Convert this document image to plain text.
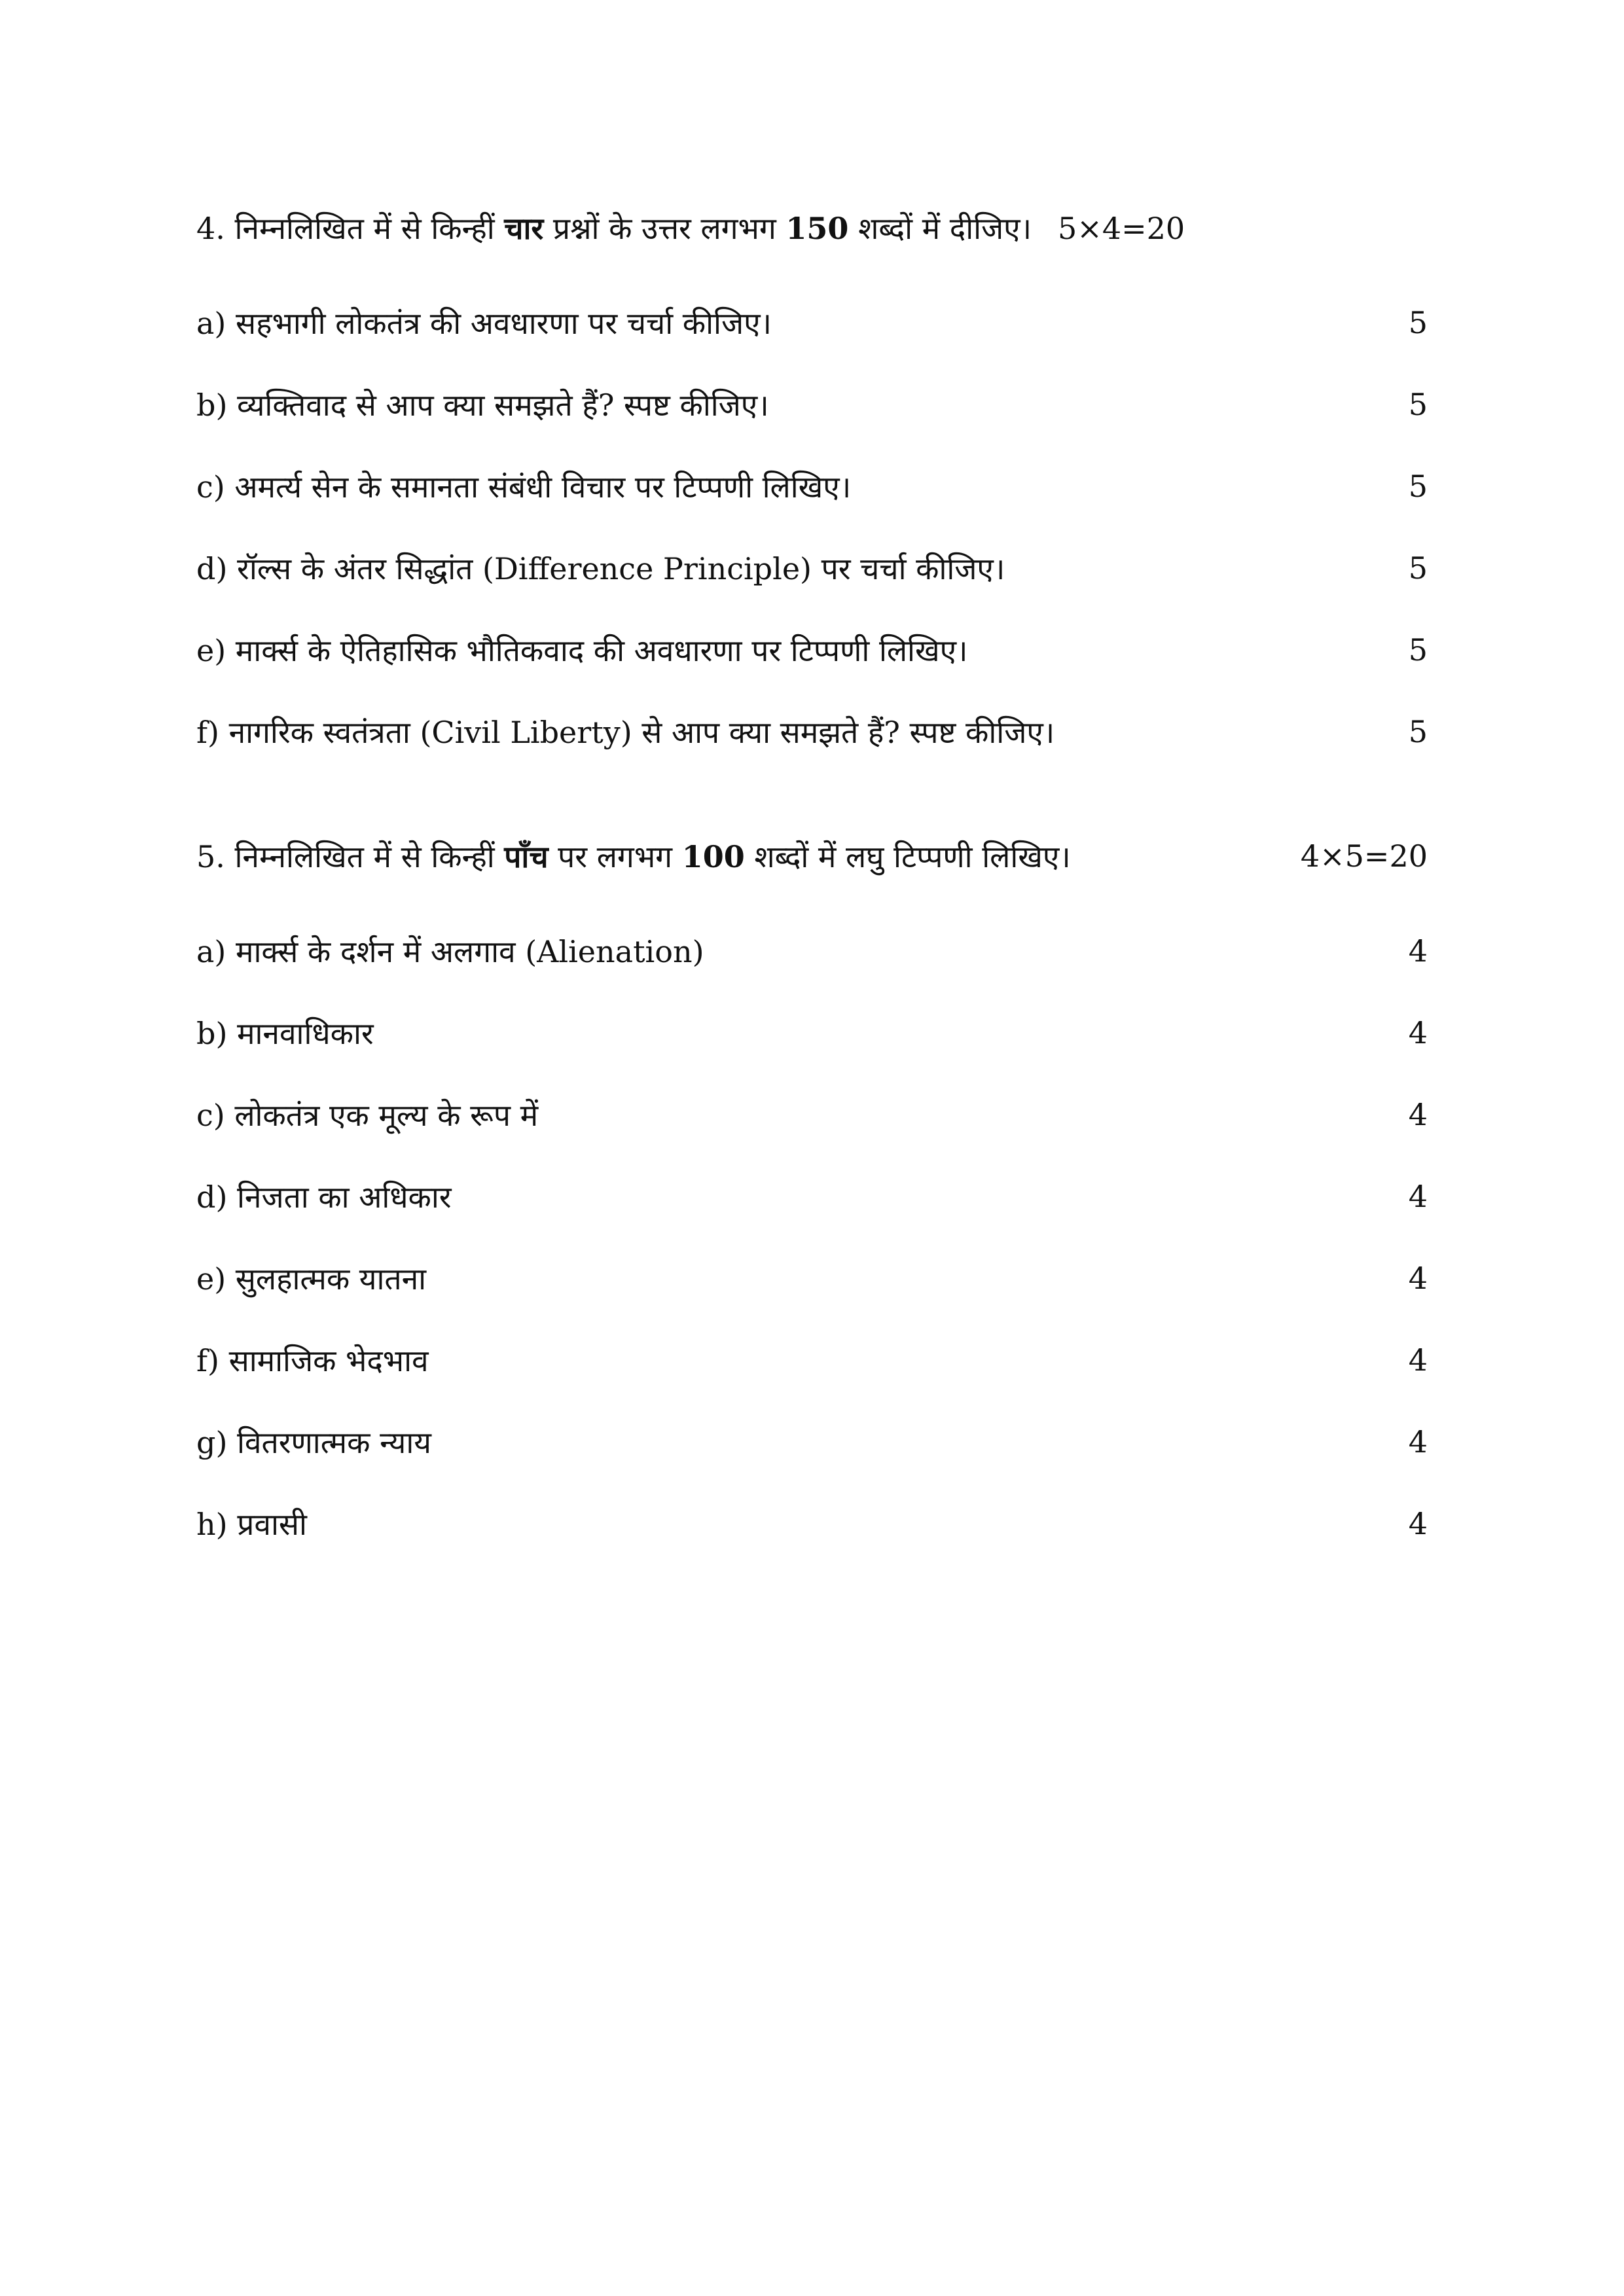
4. निम्नलिखित में से किन्हीं चार प्रश्नों के उत्तर लगभग 150 शब्दों में दीजिए। 5×4=20
a) सहभागी लोकतंत्र की अवधारणा पर चर्चा कीजिए।	5
b) व्यक्तिवाद से आप क्या समझते हैं? स्पष्ट कीजिए।	5
c) अमर्त्य सेन के समानता संबंधी विचार पर टिप्पणी लिखिए।	5
d) रॉल्स के अंतर सिद्धांत (Difference Principle) पर चर्चा कीजिए।	5
e) मार्क्स के ऐतिहासिक भौतिकवाद की अवधारणा पर टिप्पणी लिखिए।	5
f) नागरिक स्वतंत्रता (Civil Liberty) से आप क्या समझते हैं? स्पष्ट कीजिए।	5
5. निम्नलिखित में से किन्हीं पाँच पर लगभग 100 शब्दों में लघु टिप्पणी लिखिए।	4×5=20
a) मार्क्स के दर्शन में अलगाव (Alienation)	4
b) मानवाधिकार	4
c) लोकतंत्र एक मूल्य के रूप में	4
d) निजता का अधिकार	4
e) सुलहात्मक यातना	4
f) सामाजिक भेदभाव	4
g) वितरणात्मक न्याय	4
h) प्रवासी	4
